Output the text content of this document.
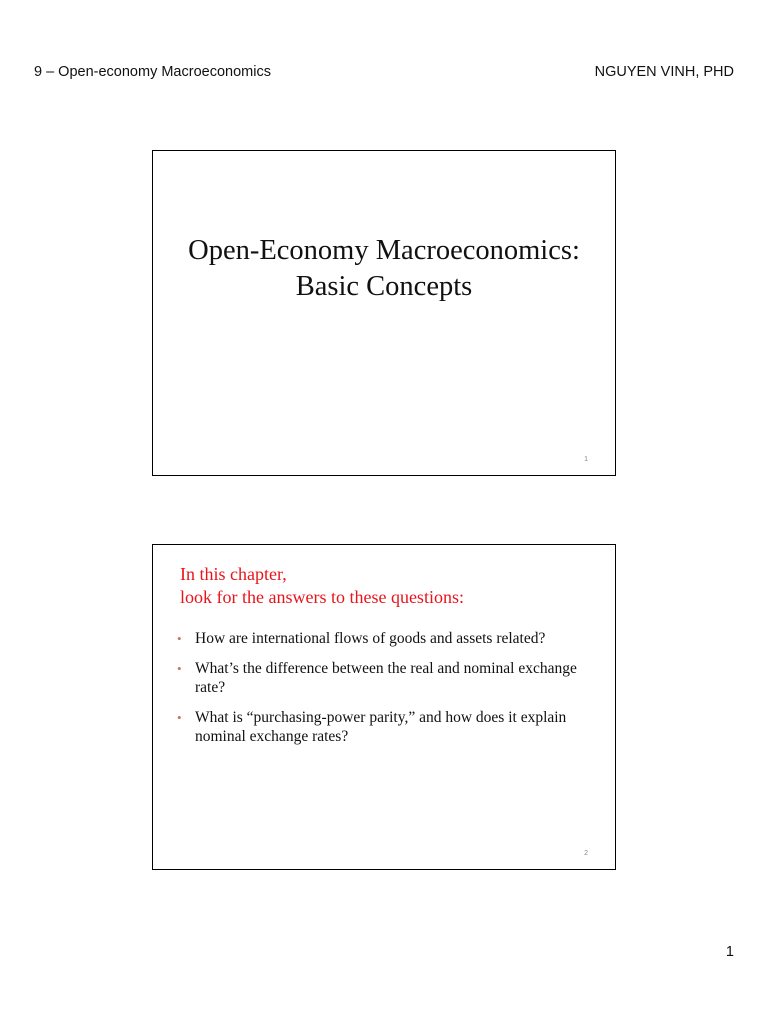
9 – Open-economy Macroeconomics	NGUYEN VINH, PHD
Open-Economy Macroeconomics:
Basic Concepts
1
In this chapter,
look for the answers to these questions:
• How are international flows of goods and assets related?
• What’s the difference between the real and nominal exchange rate?
• What is “purchasing-power parity,” and how does it explain nominal exchange rates?
2
1
